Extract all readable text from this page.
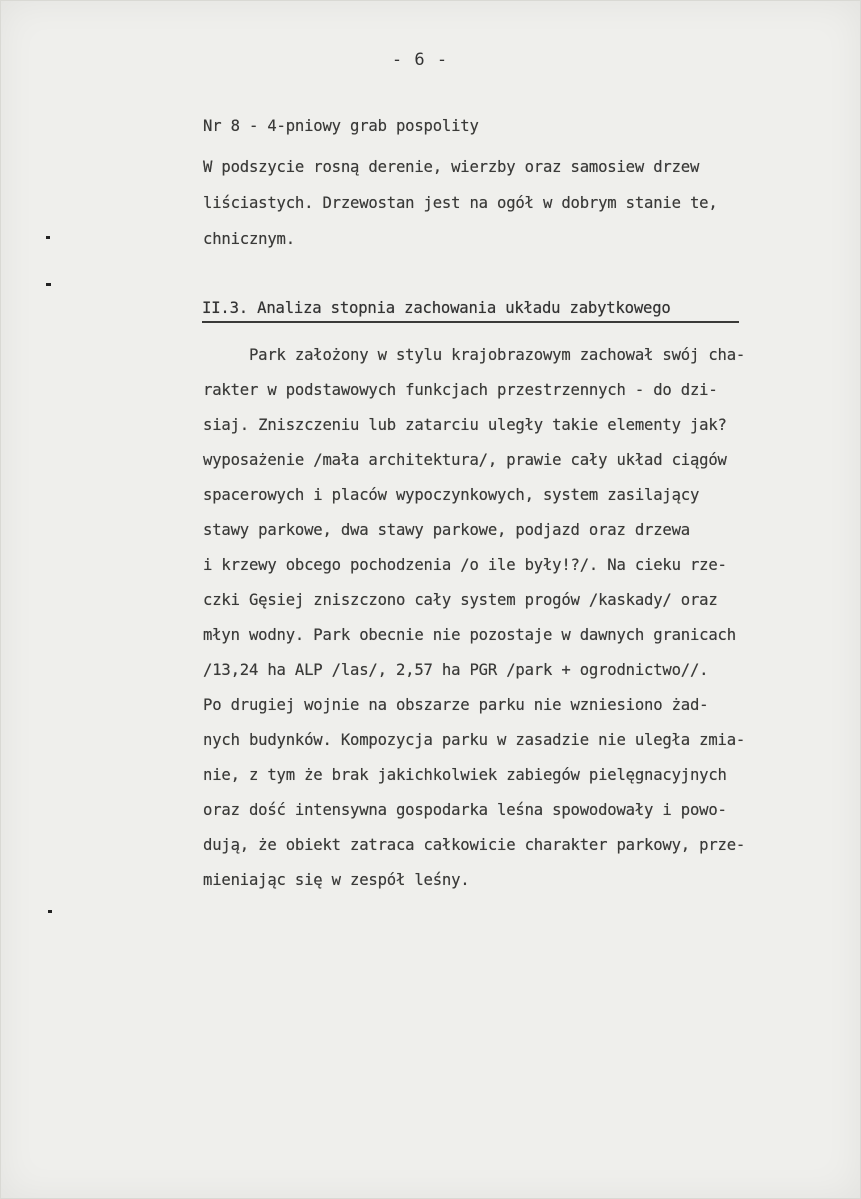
- 6 -
Nr 8 - 4-pniowy grab pospolity
W podszycie rosną derenie, wierzby oraz samosiew drzew
liściastych. Drzewostan jest na ogół w dobrym stanie te,
chnicznym.
II.3. Analiza stopnia zachowania układu zabytkowego
Park założony w stylu krajobrazowym zachował swój cha-
rakter w podstawowych funkcjach przestrzennych - do dzi-
siaj. Zniszczeniu lub zatarciu uległy takie elementy jak?
wyposażenie /mała architektura/, prawie cały układ ciągów
spacerowych i placów wypoczynkowych, system zasilający
stawy parkowe, dwa stawy parkowe, podjazd oraz drzewa
i krzewy obcego pochodzenia /o ile były!?/. Na cieku rze-
czki Gęsiej zniszczono cały system progów /kaskady/ oraz
młyn wodny. Park obecnie nie pozostaje w dawnych granicach
/13,24 ha ALP /las/, 2,57 ha PGR /park + ogrodnictwo//.
Po drugiej wojnie na obszarze parku nie wzniesiono żad-
nych budynków. Kompozycja parku w zasadzie nie uległa zmia-
nie, z tym że brak jakichkolwiek zabiegów pielęgnacyjnych
oraz dość intensywna gospodarka leśna spowodowały i powo-
dują, że obiekt zatraca całkowicie charakter parkowy, prze-
mieniając się w zespół leśny.
